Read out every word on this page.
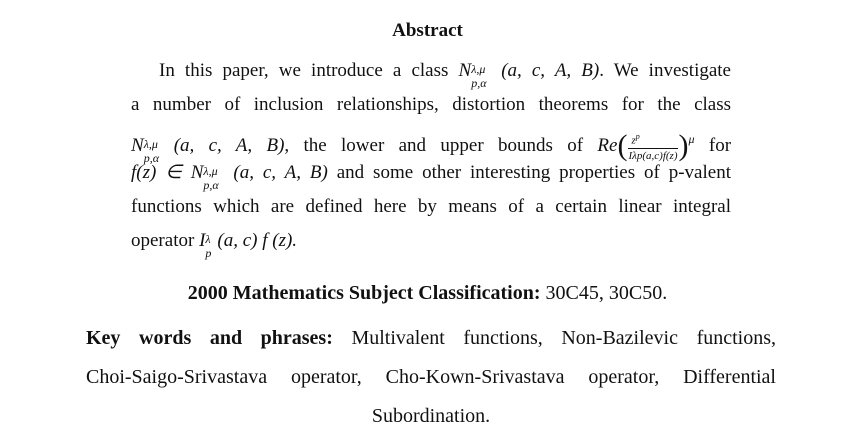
Abstract
In this paper, we introduce a class N λ,μ
p,α
(a, c, A, B). We investigate
a number of inclusion relationships, distortion theorems for the class
N λ,μ
p,α
(a, c, A, B), the lower and upper bounds of $Re( \frac{z^p}{\text{Iλp(a,c)f(z)}} )^\mu$ for
f(z) ∈ N λ,μ
p,α
(a, c, A, B) and some other interesting properties of p-valent
functions which are defined here by means of a certain linear integral
operator I λ
p
(a, c) f (z).
2000 Mathematics Subject Classification: 30C45, 30C50.
Key words and phrases: Multivalent functions, Non-Bazilevic functions,
Choi-Saigo-Srivastava operator, Cho-Kown-Srivastava operator, Differential
Subordination.
